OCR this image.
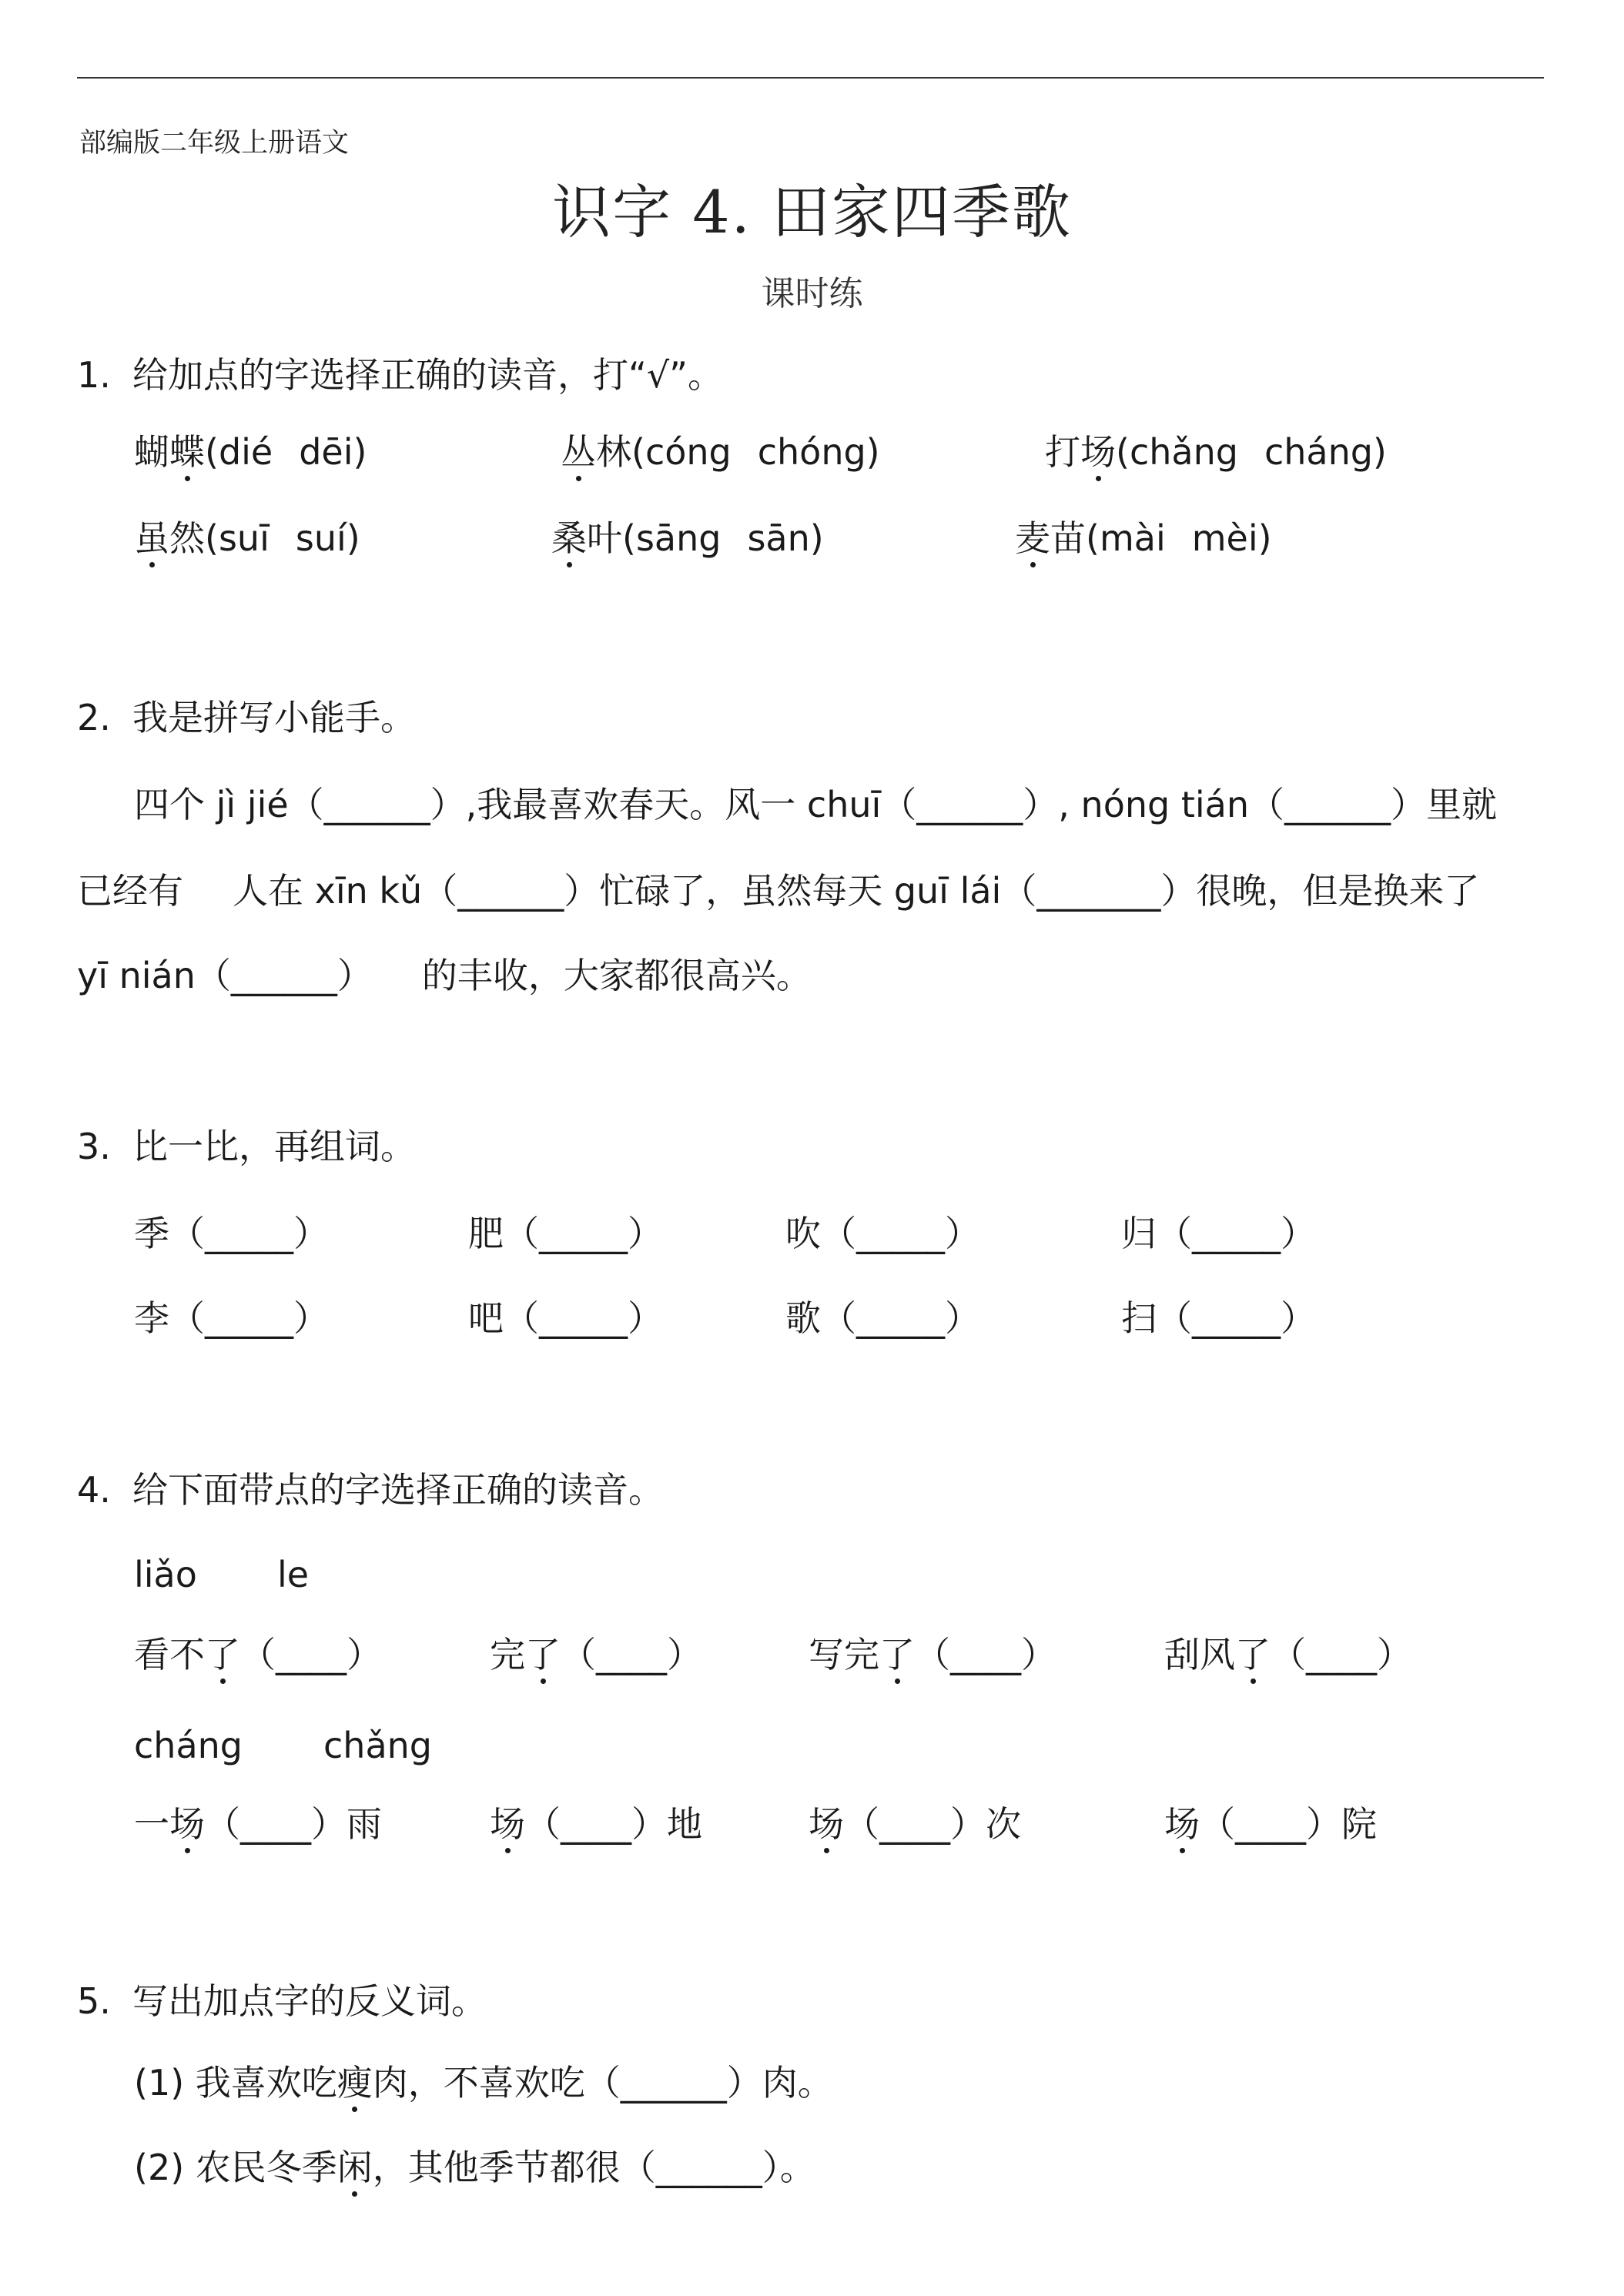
部编版二年级上册语文
识字 4. 田家四季歌
课时练
1. 给加点的字选择正确的读音，打“√”。
蝴蝶(dié dēi)	丛林(cóng chóng)	打场(chǎng cháng)
虽然(suī suí)	桑叶(sāng sān)	麦苗(mài mèi)
2. 我是拼写小能手。
四个 jì jié（______）,我最喜欢春天。风一 chuī（______）, nóng tián（______）里就
已经有 人在 xīn kǔ（______）忙碌了，虽然每天 guī lái（_______）很晚，但是换来了
yī nián（______） 的丰收，大家都很高兴。
3. 比一比，再组词。
季（_____）	肥（_____）	吹（_____）	归（_____）
李（_____）	吧（_____）	歌（_____）	扫（_____）
4. 给下面带点的字选择正确的读音。
liǎo le
看不了（____）	完了（____）	写完了（____）	刮风了（____）
cháng chǎng
一场（____）雨	场（____）地	场（____）次	场（____）院
5. 写出加点字的反义词。
(1) 我喜欢吃瘦肉，不喜欢吃（______）肉。
(2) 农民冬季闲，其他季节都很（______）。
